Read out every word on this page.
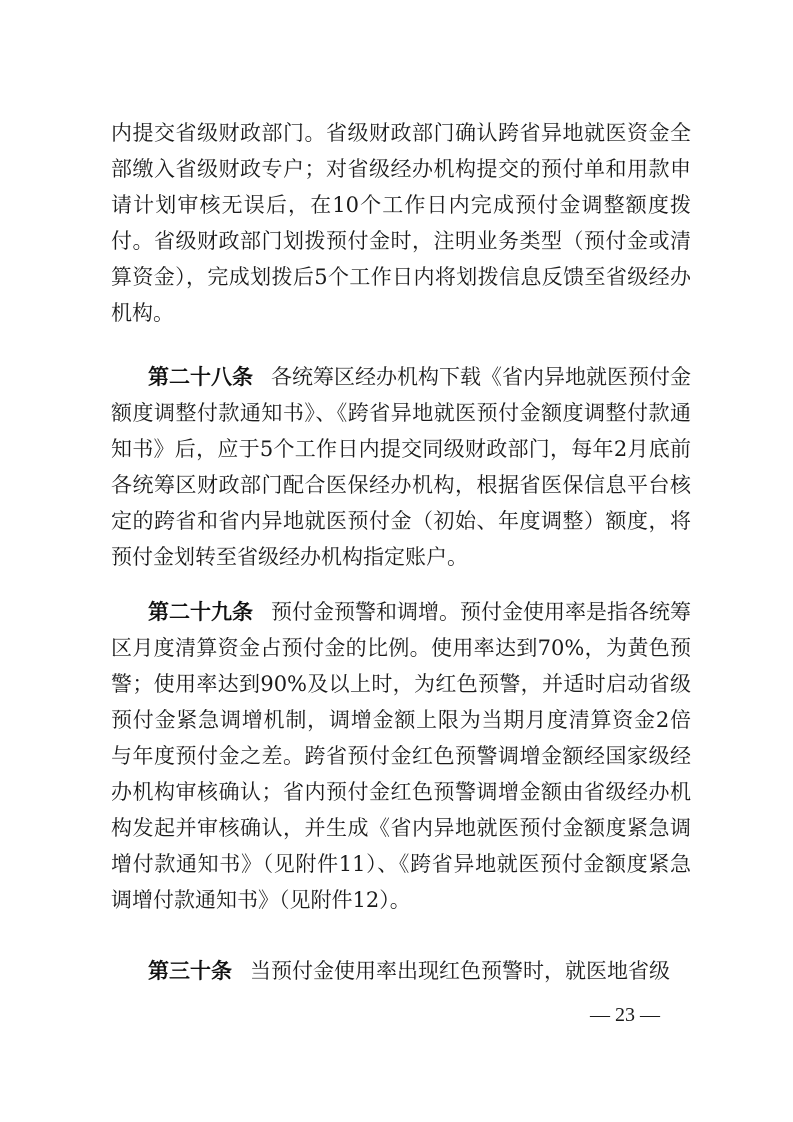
内提交省级财政部门。省级财政部门确认跨省异地就医资金全部缴入省级财政专户；对省级经办机构提交的预付单和用款申请计划审核无误后，在10个工作日内完成预付金调整额度拨付。省级财政部门划拨预付金时，注明业务类型（预付金或清算资金），完成划拨后5个工作日内将划拨信息反馈至省级经办机构。

第二十八条 各统筹区经办机构下载《省内异地就医预付金额度调整付款通知书》、《跨省异地就医预付金额度调整付款通知书》后，应于5个工作日内提交同级财政部门，每年2月底前各统筹区财政部门配合医保经办机构，根据省医保信息平台核定的跨省和省内异地就医预付金（初始、年度调整）额度，将预付金划转至省级经办机构指定账户。

第二十九条 预付金预警和调增。预付金使用率是指各统筹区月度清算资金占预付金的比例。使用率达到70%，为黄色预警；使用率达到90%及以上时，为红色预警，并适时启动省级预付金紧急调增机制，调增金额上限为当期月度清算资金2倍与年度预付金之差。跨省预付金红色预警调增金额经国家级经办机构审核确认；省内预付金红色预警调增金额由省级经办机构发起并审核确认，并生成《省内异地就医预付金额度紧急调增付款通知书》（见附件11）、《跨省异地就医预付金额度紧急调增付款通知书》（见附件12）。

第三十条 当预付金使用率出现红色预警时，就医地省级

— 23 —
